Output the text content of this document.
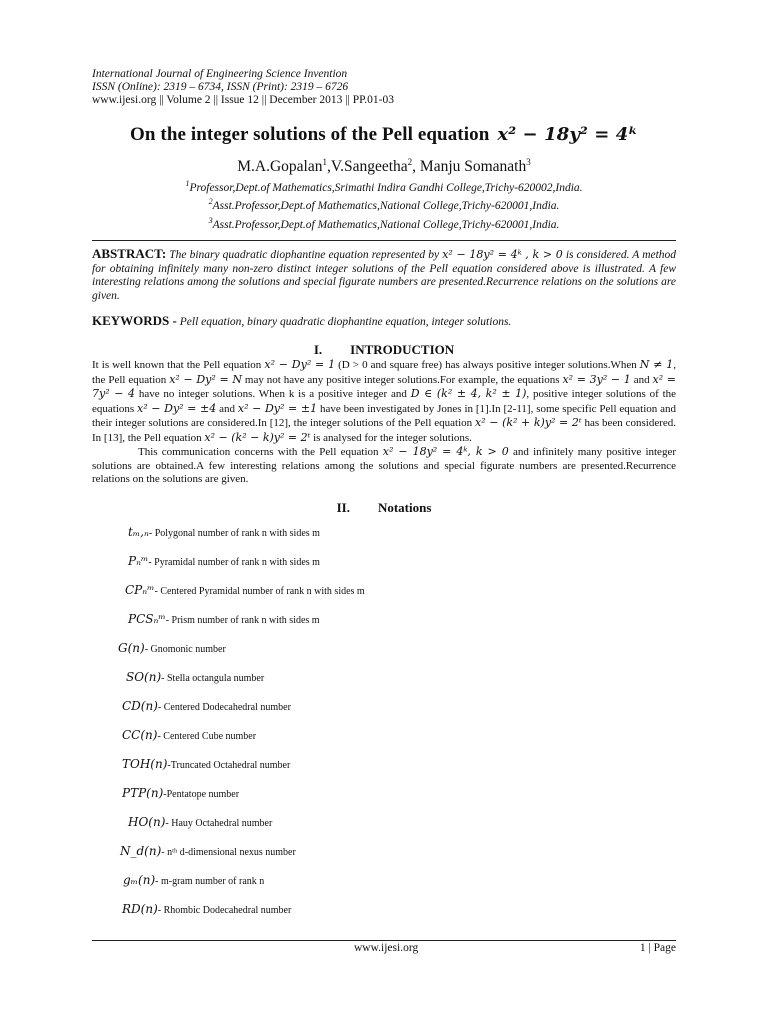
International Journal of Engineering Science Invention
ISSN (Online): 2319 – 6734, ISSN (Print): 2319 – 6726
www.ijesi.org || Volume 2 || Issue 12 || December 2013 || PP.01-03
On the integer solutions of the Pell equation x² − 18y² = 4ᵏ
M.A.Gopalan$^1$,V.Sangeetha$^2$, Manju Somanath$^3$
$^1$Professor,Dept.of Mathematics,Srimathi Indira Gandhi College,Trichy-620002,India.
$^2$Asst.Professor,Dept.of Mathematics,National College,Trichy-620001,India.
$^3$Asst.Professor,Dept.of Mathematics,National College,Trichy-620001,India.
ABSTRACT: The binary quadratic diophantine equation represented by x² − 18y² = 4ᵏ , k > 0 is considered. A method for obtaining infinitely many non-zero distinct integer solutions of the Pell equation considered above is illustrated. A few interesting relations among the solutions and special figurate numbers are presented.Recurrence relations on the solutions are given.
KEYWORDS - Pell equation, binary quadratic diophantine equation, integer solutions.
I. INTRODUCTION

It is well known that the Pell equation x² − Dy² = 1 (D > 0 and square free) has always positive integer solutions.When N ≠ 1, the Pell equation x² − Dy² = N may not have any positive integer solutions.For example, the equations x² = 3y² − 1 and x² = 7y² − 4 have no integer solutions. When k is a positive integer and D ∈ (k² ± 4, k² ± 1), positive integer solutions of the equations x² − Dy² = ±4 and x² − Dy² = ±1 have been investigated by Jones in [1].In [2-11], some specific Pell equation and their integer solutions are considered.In [12], the integer solutions of the Pell equation x² − (k² + k)y² = 2ᵗ has been considered. In [13], the Pell equation x² − (k² − k)y² = 2ᵗ is analysed for the integer solutions.

This communication concerns with the Pell equation x² − 18y² = 4ᵏ, k > 0 and infinitely many positive integer solutions are obtained.A few interesting relations among the solutions and special figurate numbers are presented.Recurrence relations on the solutions are given.

II. Notations
tₘ,ₙ- Polygonal number of rank n with sides m
Pₙᵐ- Pyramidal number of rank n with sides m
CPₙᵐ- Centered Pyramidal number of rank n with sides m
PCSₙᵐ- Prism number of rank n with sides m
G(n)- Gnomonic number
SO(n)- Stella octangula number
CD(n)- Centered Dodecahedral number
CC(n)- Centered Cube number
TOH(n)-Truncated Octahedral number
PTP(n)-Pentatope number
HO(n)- Hauy Octahedral number
N_d(n)- nᵗʰ d-dimensional nexus number
gₘ(n)- m-gram number of rank n
RD(n)- Rhombic Dodecahedral number
www.ijesi.org	1 | Page
